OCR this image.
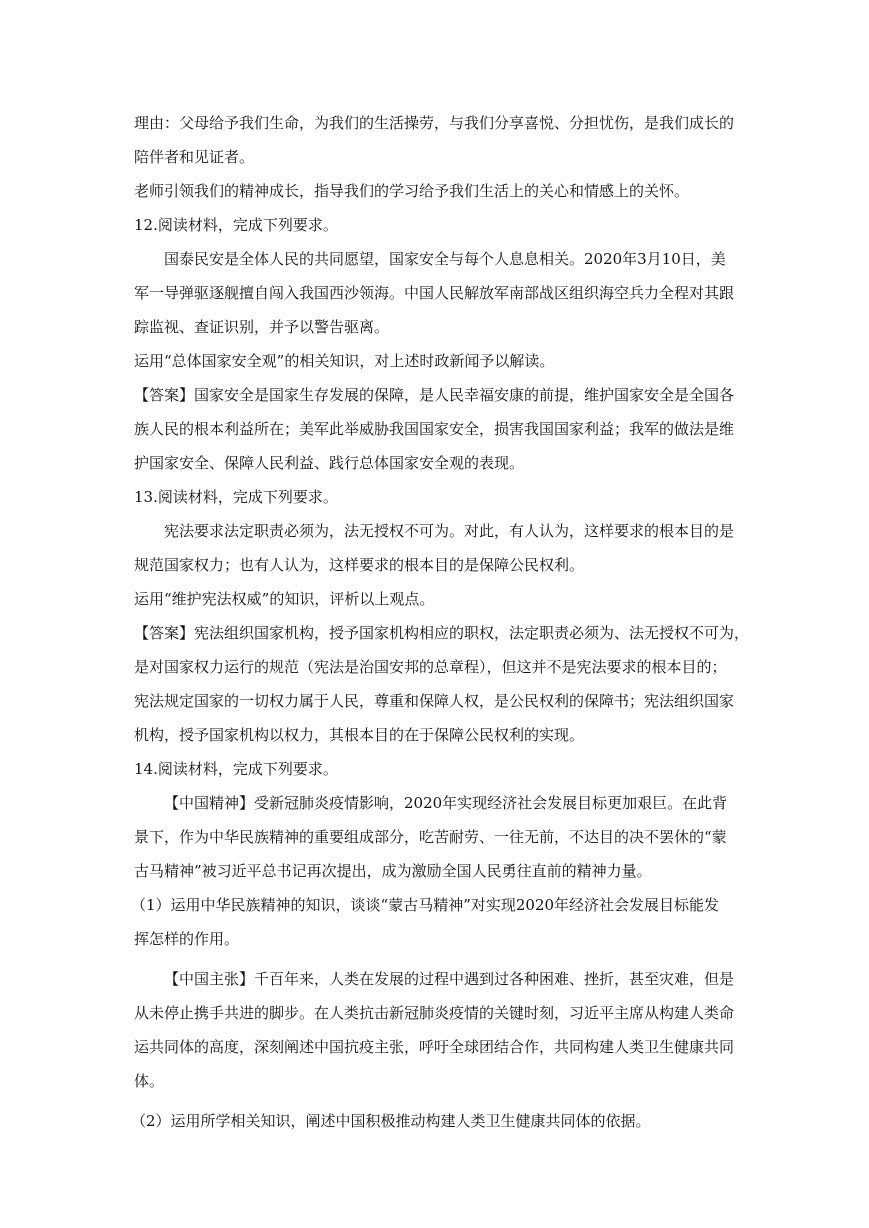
理由：父母给予我们生命，为我们的生活操劳，与我们分享喜悦、分担忧伤，是我们成长的
陪伴者和见证者。
老师引领我们的精神成长，指导我们的学习给予我们生活上的关心和情感上的关怀。
12.阅读材料，完成下列要求。
国泰民安是全体人民的共同愿望，国家安全与每个人息息相关。2020年3月10日，美
军一导弹驱逐舰擅自闯入我国西沙领海。中国人民解放军南部战区组织海空兵力全程对其跟
踪监视、查证识别，并予以警告驱离。
运用“总体国家安全观”的相关知识，对上述时政新闻予以解读。
【答案】国家安全是国家生存发展的保障，是人民幸福安康的前提，维护国家安全是全国各
族人民的根本利益所在；美军此举威胁我国国家安全，损害我国国家利益；我军的做法是维
护国家安全、保障人民利益、践行总体国家安全观的表现。
13.阅读材料，完成下列要求。
宪法要求法定职责必须为，法无授权不可为。对此，有人认为，这样要求的根本目的是
规范国家权力；也有人认为，这样要求的根本目的是保障公民权利。
运用“维护宪法权威”的知识，评析以上观点。
【答案】宪法组织国家机构，授予国家机构相应的职权，法定职责必须为、法无授权不可为，
是对国家权力运行的规范（宪法是治国安邦的总章程），但这并不是宪法要求的根本目的；
宪法规定国家的一切权力属于人民，尊重和保障人权，是公民权利的保障书；宪法组织国家
机构，授予国家机构以权力，其根本目的在于保障公民权利的实现。
14.阅读材料，完成下列要求。
【中国精神】受新冠肺炎疫情影响，2020年实现经济社会发展目标更加艰巨。在此背
景下，作为中华民族精神的重要组成部分，吃苦耐劳、一往无前，不达目的决不罢休的“蒙
古马精神”被习近平总书记再次提出，成为激励全国人民勇往直前的精神力量。
（1）运用中华民族精神的知识，谈谈“蒙古马精神”对实现2020年经济社会发展目标能发
挥怎样的作用。
【中国主张】千百年来，人类在发展的过程中遇到过各种困难、挫折，甚至灾难，但是
从未停止携手共进的脚步。在人类抗击新冠肺炎疫情的关键时刻，习近平主席从构建人类命
运共同体的高度，深刻阐述中国抗疫主张，呼吁全球团结合作，共同构建人类卫生健康共同
体。
（2）运用所学相关知识，阐述中国积极推动构建人类卫生健康共同体的依据。
